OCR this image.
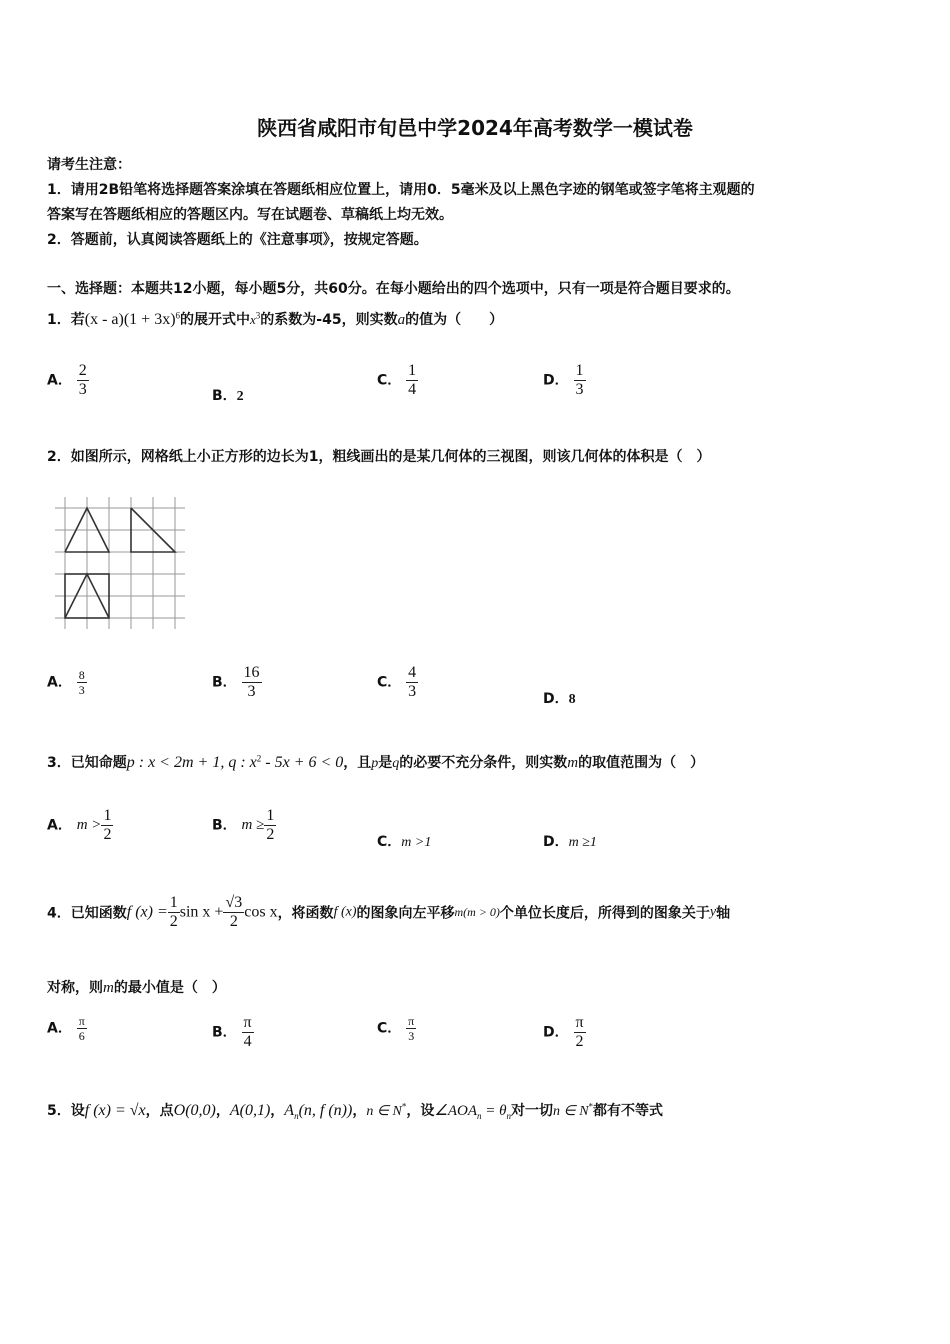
陕西省咸阳市旬邑中学2024年高考数学一模试卷
请考生注意：
1．请用2B铅笔将选择题答案涂填在答题纸相应位置上，请用0．5毫米及以上黑色字迹的钢笔或签字笔将主观题的
答案写在答题纸相应的答题区内。写在试题卷、草稿纸上均无效。
2．答题前，认真阅读答题纸上的《注意事项》，按规定答题。
一、选择题：本题共12小题，每小题5分，共60分。在每小题给出的四个选项中，只有一项是符合题目要求的。
1．若$(x - a)(1 + 3x)^6$的展开式中$x^3$的系数为-45，则实数a的值为（　　）
A． $\frac{2}{3}$	B．2
C． $\frac{1}{4}$	D． $\frac{1}{3}$
2．如图所示，网格纸上小正方形的边长为1，粗线画出的是某几何体的三视图，则该几何体的体积是（　）
A． $\frac{8}{3}$	B． $\frac{16}{3}$	C． $\frac{4}{3}$	D．8
3．已知命题p : x < 2m + 1, q : $x^2 - 5x + 6 < 0$，且p是q的必要不充分条件，则实数m的取值范围为（　）
A． $m > \frac{1}{2}$	B． $m \ge \frac{1}{2}$	C．m >1	D．m ≥1
4．已知函数f $(x) = \frac{1}{2}$ $\sin x + \frac{√3}{2}$ cos x，将函数f (x)的图象向左平移m(m > 0)个单位长度后，所得到的图象关于y轴
对称，则m的最小值是（　）
A． $\frac{\pi}{6}$	B． $\frac{\pi}{4}$	C． $\frac{\pi}{3}$	D． $\frac{\pi}{2}$
5．设f (x) = √x，点O(0,0)，A(0,1)，$A_n(n$, f (n))，n ∈ N*，设$\angle AOA_n = \theta_n$对一切n ∈ N*都有不等式
